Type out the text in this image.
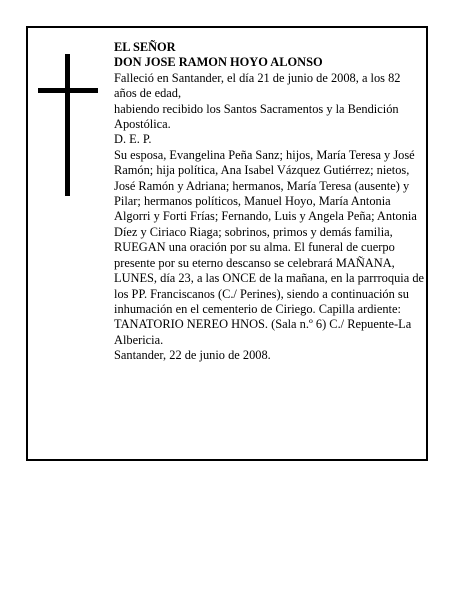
EL SEÑOR

DON JOSE RAMON HOYO ALONSO

Falleció en Santander, el día 21 de junio de 2008, a los 82 años de edad,

habiendo recibido los Santos Sacramentos y la Bendición Apostólica.

D. E. P.

Su esposa, Evangelina Peña Sanz; hijos, María Teresa y José Ramón; hija política, Ana Isabel Vázquez Gutiérrez; nietos, José Ramón y Adriana; hermanos, María Teresa (ausente) y Pilar; hermanos políticos, Manuel Hoyo, María Antonia Algorri y Forti Frías; Fernando, Luis y Angela Peña; Antonia Díez y Ciriaco Riaga; sobrinos, primos y demás familia,

RUEGAN una oración por su alma. El funeral de cuerpo presente por su eterno descanso se celebrará MAÑANA, LUNES, día 23, a las ONCE de la mañana, en la parrroquia de los PP. Franciscanos (C./ Perines), siendo a continuación su inhumación en el cementerio de Ciriego. Capilla ardiente: TANATORIO NEREO HNOS. (Sala n.º 6) C./ Repuente-La Albericia.

Santander, 22 de junio de 2008.
